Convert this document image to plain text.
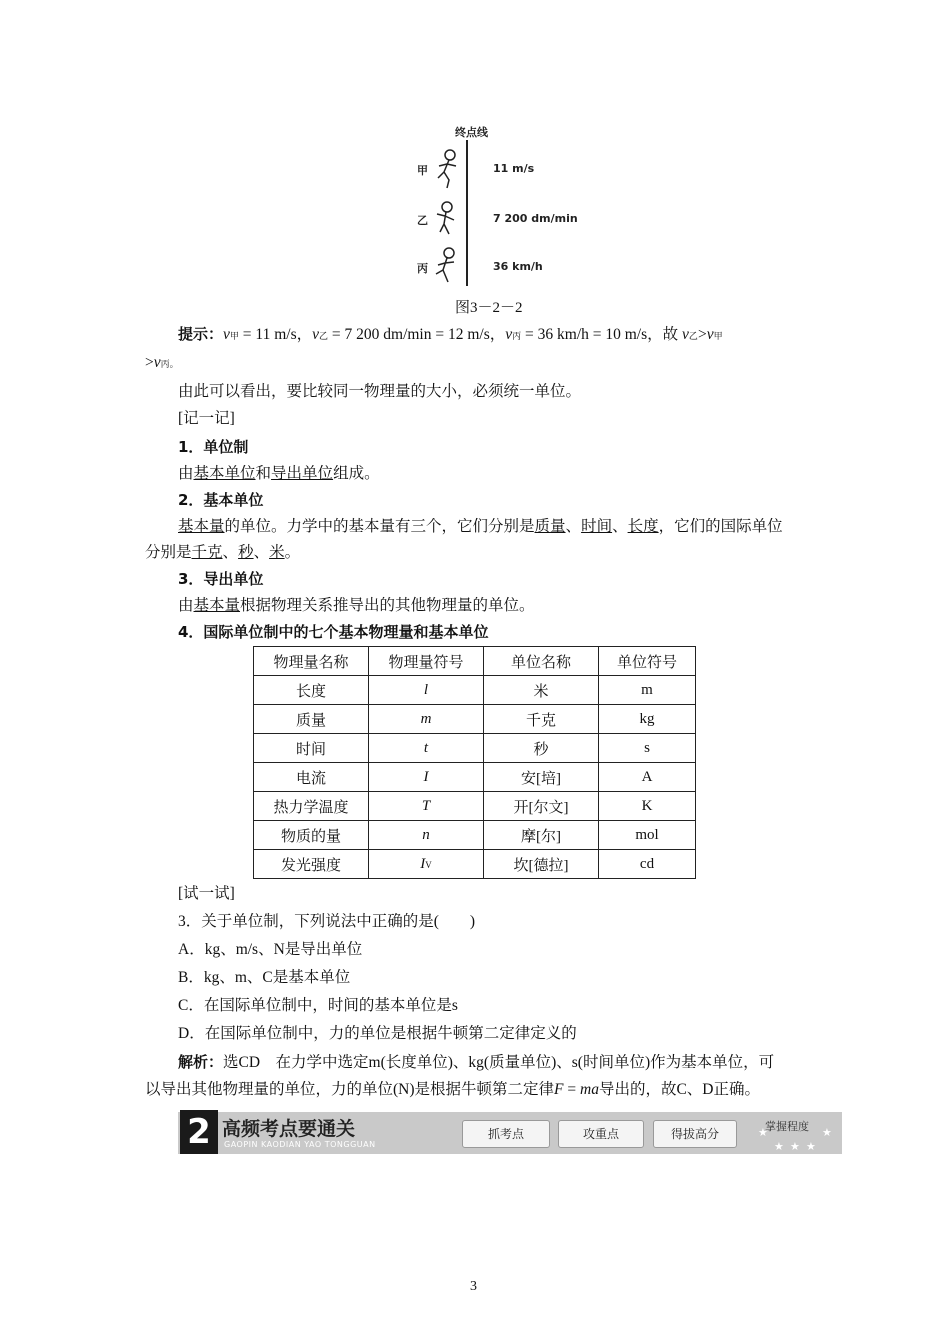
终点线
甲	11 m/s
乙	7 200 dm/min
丙	36 km/h
图3－2－2
提示：v甲 = 11 m/s，v乙 = 7 200 dm/min = 12 m/s，v丙 = 36 km/h = 10 m/s，故 v乙>v甲
>v丙。
由此可以看出，要比较同一物理量的大小，必须统一单位。
[记一记]
1．单位制
由基本单位和导出单位组成。
2．基本单位
基本量的单位。力学中的基本量有三个，它们分别是质量、时间、长度，它们的国际单位
分别是千克、秒、米。
3．导出单位
由基本量根据物理关系推导出的其他物理量的单位。
4．国际单位制中的七个基本物理量和基本单位
物理量名称	物理量符号	单位名称	单位符号
长度	l	米	m
质量	m	千克	kg
时间	t	秒	s
电流	I	安[培]	A
热力学温度	T	开[尔文]	K
物质的量	n	摩[尔]	mol
发光强度	IV	坎[德拉]	cd
[试一试]
3．关于单位制，下列说法中正确的是(　　)
A．kg、m/s、N是导出单位
B．kg、m、C是基本单位
C．在国际单位制中，时间的基本单位是s
D．在国际单位制中，力的单位是根据牛顿第二定律定义的
解析：选CD　在力学中选定m(长度单位)、kg(质量单位)、s(时间单位)作为基本单位，可
以导出其他物理量的单位，力的单位(N)是根据牛顿第二定律F = ma导出的，故C、D正确。
2 高频考点要通关
GAOPIN KAODIAN YAO TONGGUAN
抓考点	攻重点	得拔高分
掌握程度
★
★ ★ ★
★
3
